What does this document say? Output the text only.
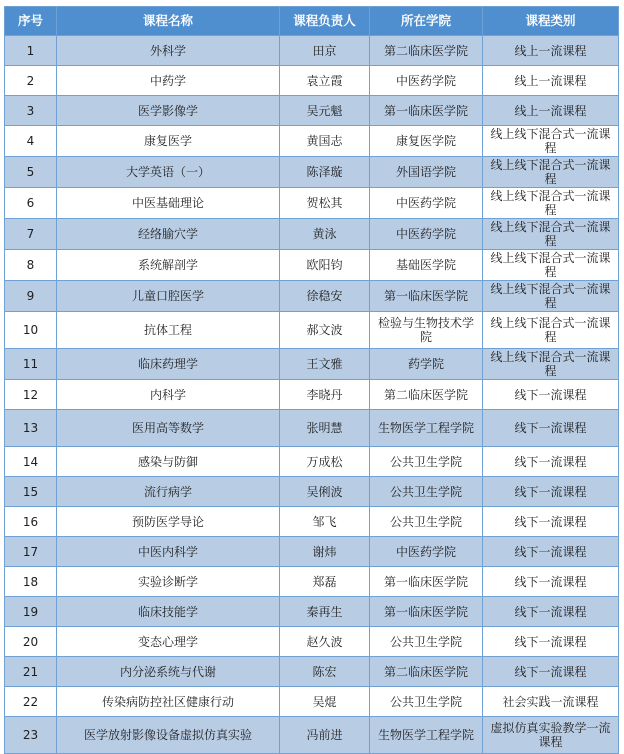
序号	课程名称	课程负责人	所在学院	课程类别
1	外科学	田京	第二临床医学院	线上一流课程
2	中药学	袁立霞	中医药学院	线上一流课程
3	医学影像学	吴元魁	第一临床医学院	线上一流课程
4	康复医学	黄国志	康复医学院	线上线下混合式一流课程
5	大学英语（一）	陈泽璇	外国语学院	线上线下混合式一流课程
6	中医基础理论	贺松其	中医药学院	线上线下混合式一流课程
7	经络腧穴学	黄泳	中医药学院	线上线下混合式一流课程
8	系统解剖学	欧阳钧	基础医学院	线上线下混合式一流课程
9	儿童口腔医学	徐稳安	第一临床医学院	线上线下混合式一流课程
10	抗体工程	郝文波	检验与生物技术学院	线上线下混合式一流课程
11	临床药理学	王文雅	药学院	线上线下混合式一流课程
12	内科学	李晓丹	第二临床医学院	线下一流课程
13	医用高等数学	张明慧	生物医学工程学院	线下一流课程
14	感染与防御	万成松	公共卫生学院	线下一流课程
15	流行病学	吴俐波	公共卫生学院	线下一流课程
16	预防医学导论	邹飞	公共卫生学院	线下一流课程
17	中医内科学	谢炜	中医药学院	线下一流课程
18	实验诊断学	郑磊	第一临床医学院	线下一流课程
19	临床技能学	秦再生	第一临床医学院	线下一流课程
20	变态心理学	赵久波	公共卫生学院	线下一流课程
21	内分泌系统与代谢	陈宏	第二临床医学院	线下一流课程
22	传染病防控社区健康行动	吴焜	公共卫生学院	社会实践一流课程
23	医学放射影像设备虚拟仿真实验	冯前进	生物医学工程学院	虚拟仿真实验教学一流课程
